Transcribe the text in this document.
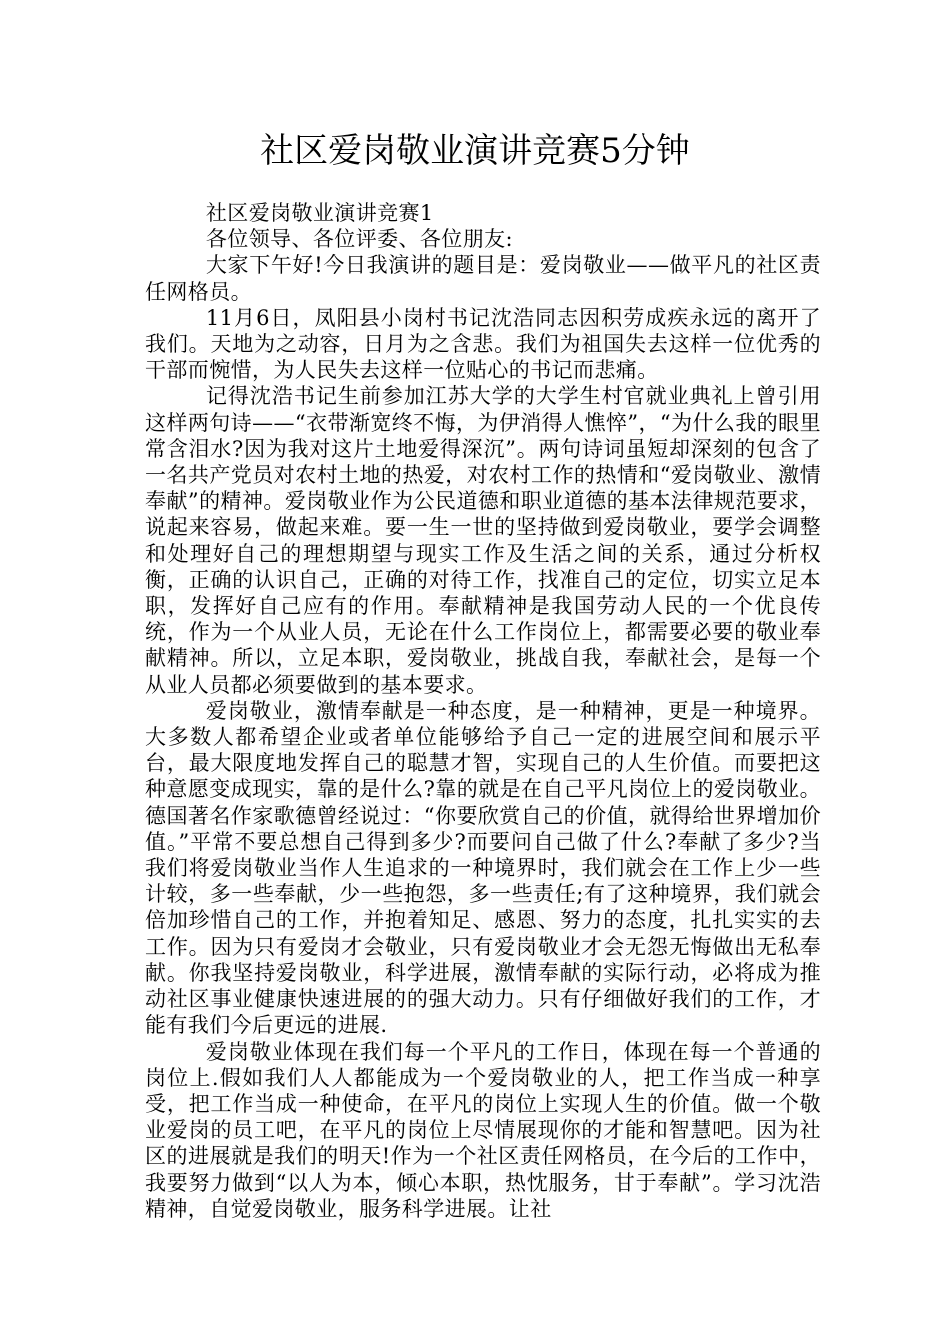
社区爱岗敬业演讲竞赛5分钟

社区爱岗敬业演讲竞赛1

各位领导、各位评委、各位朋友:

大家下午好!今日我演讲的题目是：爱岗敬业——做平凡的社区责任网格员。

11月6日，凤阳县小岗村书记沈浩同志因积劳成疾永远的离开了我们。天地为之动容，日月为之含悲。我们为祖国失去这样一位优秀的干部而惋惜，为人民失去这样一位贴心的书记而悲痛。

记得沈浩书记生前参加江苏大学的大学生村官就业典礼上曾引用这样两句诗——“衣带渐宽终不悔，为伊消得人憔悴”，“为什么我的眼里常含泪水?因为我对这片土地爱得深沉”。两句诗词虽短却深刻的包含了一名共产党员对农村土地的热爱，对农村工作的热情和“爱岗敬业、激情奉献”的精神。爱岗敬业作为公民道德和职业道德的基本法律规范要求，说起来容易，做起来难。要一生一世的坚持做到爱岗敬业，要学会调整和处理好自己的理想期望与现实工作及生活之间的关系，通过分析权衡，正确的认识自己，正确的对待工作，找准自己的定位，切实立足本职，发挥好自己应有的作用。奉献精神是我国劳动人民的一个优良传统，作为一个从业人员，无论在什么工作岗位上，都需要必要的敬业奉献精神。所以，立足本职，爱岗敬业，挑战自我，奉献社会，是每一个从业人员都必须要做到的基本要求。

爱岗敬业，激情奉献是一种态度，是一种精神，更是一种境界。大多数人都希望企业或者单位能够给予自己一定的进展空间和展示平台，最大限度地发挥自己的聪慧才智，实现自己的人生价值。而要把这种意愿变成现实，靠的是什么?靠的就是在自己平凡岗位上的爱岗敬业。德国著名作家歌德曾经说过：“你要欣赏自己的价值，就得给世界增加价值。”平常不要总想自己得到多少?而要问自己做了什么?奉献了多少?当我们将爱岗敬业当作人生追求的一种境界时，我们就会在工作上少一些计较，多一些奉献，少一些抱怨，多一些责任;有了这种境界，我们就会倍加珍惜自己的工作，并抱着知足、感恩、努力的态度，扎扎实实的去工作。因为只有爱岗才会敬业，只有爱岗敬业才会无怨无悔做出无私奉献。你我坚持爱岗敬业，科学进展，激情奉献的实际行动，必将成为推动社区事业健康快速进展的的强大动力。只有仔细做好我们的工作，才能有我们今后更远的进展.

爱岗敬业体现在我们每一个平凡的工作日，体现在每一个普通的岗位上.假如我们人人都能成为一个爱岗敬业的人，把工作当成一种享受，把工作当成一种使命，在平凡的岗位上实现人生的价值。做一个敬业爱岗的员工吧，在平凡的岗位上尽情展现你的才能和智慧吧。因为社区的进展就是我们的明天!作为一个社区责任网格员，在今后的工作中，我要努力做到“以人为本，倾心本职，热忱服务，甘于奉献”。学习沈浩精神，自觉爱岗敬业，服务科学进展。让社
